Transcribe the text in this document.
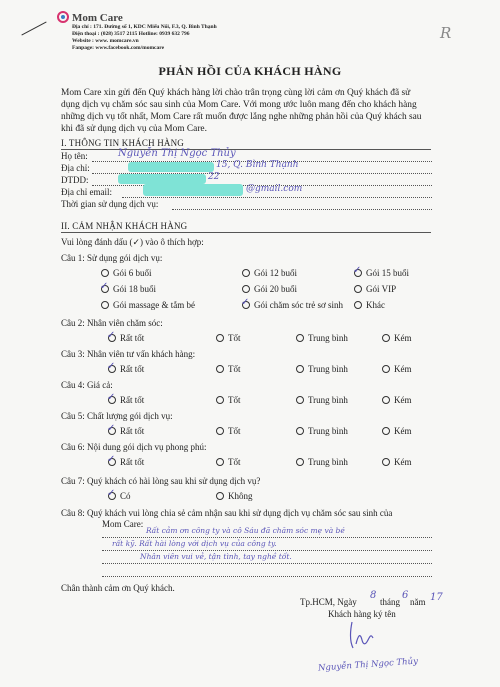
Mom Care
Địa chỉ : 171. Đường số 1, KDC Miếu Nổi, F.3, Q. Bình Thạnh
Điện thoại : (028) 3517 2115 Hotline: 0939 632 796
Website : www. momcare.vn
Fanpage: www.facebook.com/momcare
R
PHẢN HỒI CỦA KHÁCH HÀNG
Mom Care xin gửi đến Quý khách hàng lời chào trân trọng cùng lời cảm ơn Quý khách đã sử
dụng dịch vụ chăm sóc sau sinh của Mom Care. Với mong ước luôn mang đến cho khách hàng
những dịch vụ tốt nhất, Mom Care rất muốn được lắng nghe những phản hồi của Quý khách sau
khi đã sử dụng dịch vụ của Mom Care.
I. THÔNG TIN KHÁCH HÀNG
Họ tên:	Nguyễn Thị Ngọc Thủy
Địa chỉ:	15, Q. Bình Thạnh
DTDD:	22
Địa chỉ email:	@gmail.com
Thời gian sử dụng dịch vụ:
II. CẢM NHẬN KHÁCH HÀNG
Vui lòng đánh dấu (✓) vào ô thích hợp:
Câu 1: Sử dụng gói dịch vụ:
Gói 6 buổi	Gói 12 buổi	✓ Gói 15 buổi
✓ Gói 18 buổi	Gói 20 buổi	Gói VIP
Gói massage & tắm bé	✓ Gói chăm sóc trẻ sơ sinh	Khác
Câu 2: Nhân viên chăm sóc:
✓ Rất tốt	Tốt	Trung bình	Kém
Câu 3: Nhân viên tư vấn khách hàng:
✓ Rất tốt	Tốt	Trung bình	Kém
Câu 4: Giá cả:
✓ Rất tốt	Tốt	Trung bình	Kém
Câu 5: Chất lượng gói dịch vụ:
✓ Rất tốt	Tốt	Trung bình	Kém
Câu 6: Nội dung gói dịch vụ phong phú:
✓ Rất tốt	Tốt	Trung bình	Kém
Câu 7: Quý khách có hài lòng sau khi sử dụng dịch vụ?
✓ Có	Không
Câu 8: Quý khách vui lòng chia sẻ cảm nhận sau khi sử dụng dịch vụ chăm sóc sau sinh của
Mom Care:
Rất cảm ơn công ty và cô Sáu đã chăm sóc mẹ và bé
rất kỹ. Rất hài lòng với dịch vụ của công ty.
Nhân viên vui vẻ, tận tình, tay nghề tốt.
Chân thành cảm ơn Quý khách.
Tp.HCM, Ngày
8
tháng
6
năm 17
Khách hàng ký tên
Nguyễn Thị Ngọc Thủy
